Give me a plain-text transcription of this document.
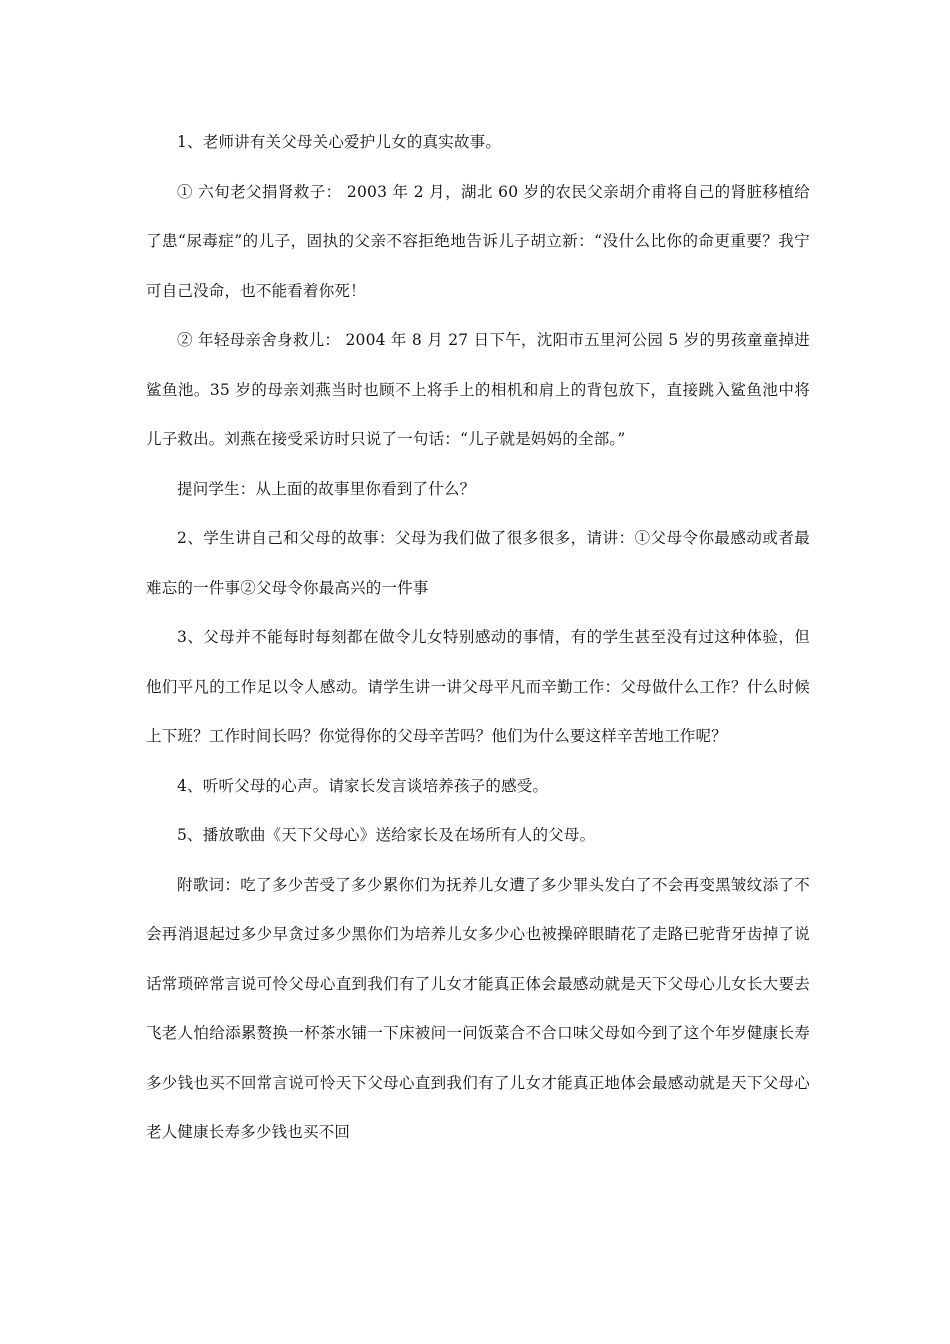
1、老师讲有关父母关心爱护儿女的真实故事。

① 六旬老父捐肾救子： 2003 年 2 月，湖北 60 岁的农民父亲胡介甫将自己的肾脏移植给了患“尿毒症”的儿子，固执的父亲不容拒绝地告诉儿子胡立新：“没什么比你的命更重要？我宁可自己没命，也不能看着你死！

② 年轻母亲舍身救儿： 2004 年 8 月 27 日下午，沈阳市五里河公园 5 岁的男孩童童掉进鲨鱼池。35 岁的母亲刘燕当时也顾不上将手上的相机和肩上的背包放下，直接跳入鲨鱼池中将儿子救出。刘燕在接受采访时只说了一句话：“儿子就是妈妈的全部。”

提问学生：从上面的故事里你看到了什么？

2、学生讲自己和父母的故事：父母为我们做了很多很多，请讲：①父母令你最感动或者最难忘的一件事②父母令你最高兴的一件事

3、父母并不能每时每刻都在做令儿女特别感动的事情，有的学生甚至没有过这种体验，但他们平凡的工作足以令人感动。请学生讲一讲父母平凡而辛勤工作：父母做什么工作？什么时候上下班？工作时间长吗？你觉得你的父母辛苦吗？他们为什么要这样辛苦地工作呢？

4、听听父母的心声。请家长发言谈培养孩子的感受。

5、播放歌曲《天下父母心》送给家长及在场所有人的父母。

附歌词：吃了多少苦受了多少累你们为抚养儿女遭了多少罪头发白了不会再变黑皱纹添了不会再消退起过多少早贪过多少黑你们为培养儿女多少心也被操碎眼睛花了走路已驼背牙齿掉了说话常琐碎常言说可怜父母心直到我们有了儿女才能真正体会最感动就是天下父母心儿女长大要去飞老人怕给添累赘换一杯茶水铺一下床被问一问饭菜合不合口味父母如今到了这个年岁健康长寿多少钱也买不回常言说可怜天下父母心直到我们有了儿女才能真正地体会最感动就是天下父母心老人健康长寿多少钱也买不回
